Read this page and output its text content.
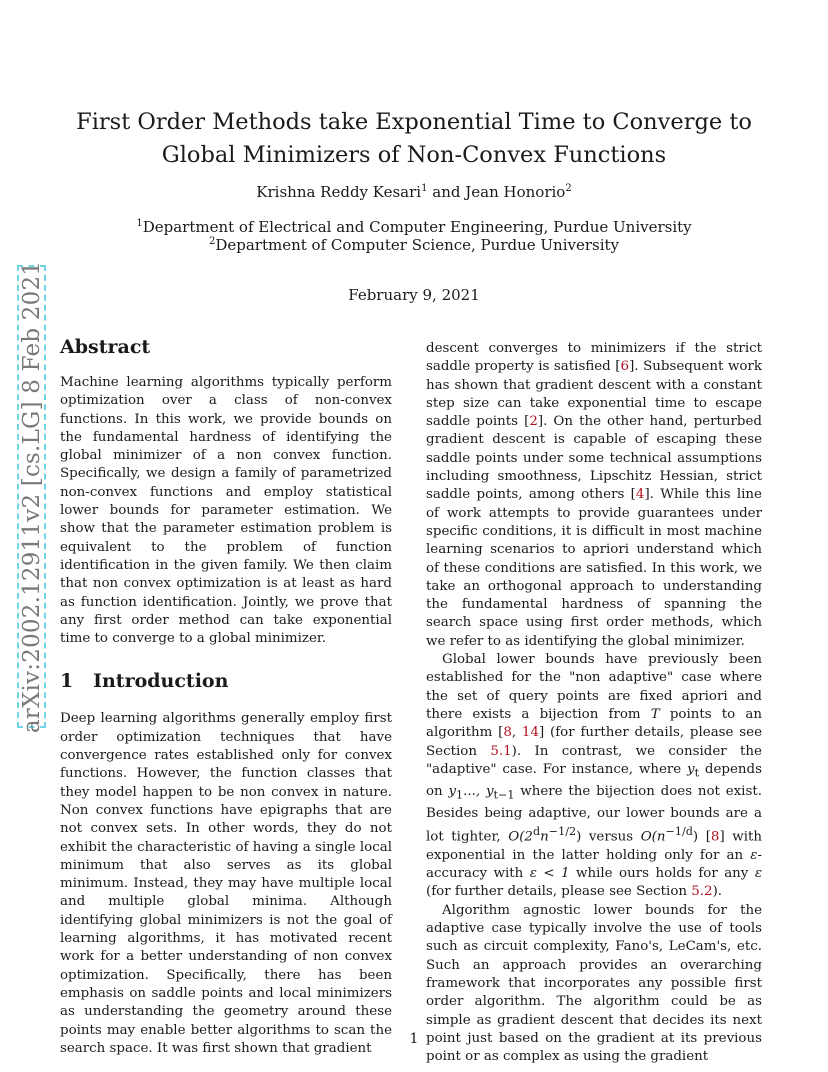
First Order Methods take Exponential Time to Converge to Global Minimizers of Non-Convex Functions
Krishna Reddy Kesari$^1$ and Jean Honorio$^2$
$^1$Department of Electrical and Computer Engineering, Purdue University
$^2$Department of Computer Science, Purdue University
February 9, 2021
arXiv:2002.12911v2 [cs.LG] 8 Feb 2021 Abstract

Machine learning algorithms typically perform optimization over a class of non-convex functions. In this work, we provide bounds on the fundamental hardness of identifying the global minimizer of a non convex function. Specifically, we design a family of parametrized non-convex functions and employ statistical lower bounds for parameter estimation. We show that the parameter estimation problem is equivalent to the problem of function identification in the given family. We then claim that non convex optimization is at least as hard as function identification. Jointly, we prove that any first order method can take exponential time to converge to a global minimizer.

1 Introduction

Deep learning algorithms generally employ first order optimization techniques that have convergence rates established only for convex functions. However, the function classes that they model happen to be non convex in nature. Non convex functions have epigraphs that are not convex sets. In other words, they do not exhibit the characteristic of having a single local minimum that also serves as its global minimum. Instead, they may have multiple local and multiple global minima. Although identifying global minimizers is not the goal of learning algorithms, it has motivated recent work for a better understanding of non convex optimization. Specifically, there has been emphasis on saddle points and local minimizers as understanding the geometry around these points may enable better algorithms to scan the search space. It was first shown that gradient

descent converges to minimizers if the strict saddle property is satisfied [6]. Subsequent work has shown that gradient descent with a constant step size can take exponential time to escape saddle points [2]. On the other hand, perturbed gradient descent is capable of escaping these saddle points under some technical assumptions including smoothness, Lipschitz Hessian, strict saddle points, among others [4]. While this line of work attempts to provide guarantees under specific conditions, it is difficult in most machine learning scenarios to apriori understand which of these conditions are satisfied. In this work, we take an orthogonal approach to understanding the fundamental hardness of spanning the search space using first order methods, which we refer to as identifying the global minimizer.

Global lower bounds have previously been established for the "non adaptive" case where the set of query points are fixed apriori and there exists a bijection from T points to an algorithm [8, 14] (for further details, please see Section 5.1). In contrast, we consider the "adaptive" case. For instance, where $y_t$ depends on $y_1$..., $y_{t-1}$ where the bijection does not exist. Besides being adaptive, our lower bounds are a lot tighter, $O(2^dn^{-1/2})$ versus $O(n^{-1/d})$ [8] with exponential in the latter holding only for an ε-accuracy with ε < 1 while ours holds for any ε (for further details, please see Section 5.2).

Algorithm agnostic lower bounds for the adaptive case typically involve the use of tools such as circuit complexity, Fano's, LeCam's, etc. Such an approach provides an overarching framework that incorporates any possible first order algorithm. The algorithm could be as simple as gradient descent that decides its next point just based on the gradient at its previous point or as complex as using the gradient

1
